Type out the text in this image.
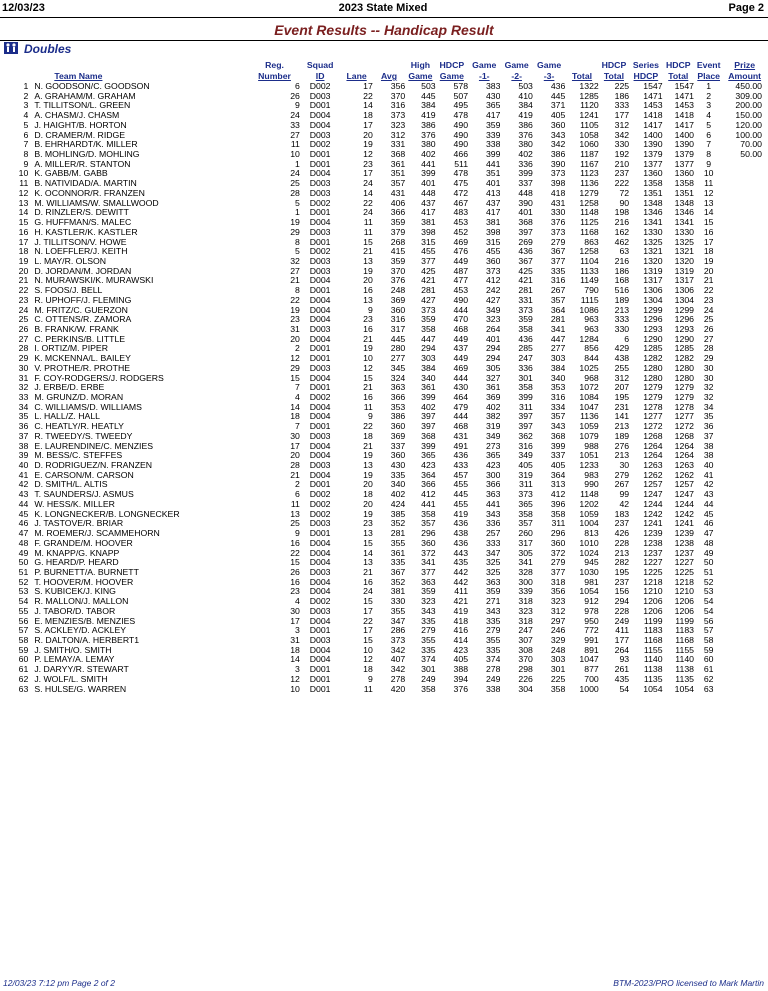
12/03/23	2023 State Mixed	Page 2
Event Results -- Handicap Result
Doubles
		Reg.	Squad			High	HDCP	Game	Game	Game		HDCP	Series	HDCP	Event	Prize
	Team Name	Number	ID	Lane	Avg	Game	Game	-1-	-2-	-3-	Total	Total	HDCP	Total	Place	Amount
1	N. GOODSON/C. GOODSON	6	D002	17	356	503	578	383	503	436	1322	225	1547	1547	1	450.00
2	A. GRAHAM/M. GRAHAM	26	D003	22	370	445	507	430	410	445	1285	186	1471	1471	2	309.00
3	T. TILLITSON/L. GREEN	9	D001	14	316	384	495	365	384	371	1120	333	1453	1453	3	200.00
4	A. CHASM/J. CHASM	24	D004	18	373	419	478	417	419	405	1241	177	1418	1418	4	150.00
5	J. HAIGHT/B. HORTON	33	D004	17	323	386	490	359	386	360	1105	312	1417	1417	5	120.00
6	D. CRAMER/M. RIDGE	27	D003	20	312	376	490	339	376	343	1058	342	1400	1400	6	100.00
7	B. EHRHARDT/K. MILLER	11	D002	19	331	380	490	338	380	342	1060	330	1390	1390	7	70.00
8	B. MOHLING/D. MOHLING	10	D001	12	368	402	466	399	402	386	1187	192	1379	1379	8	50.00
9	A. MILLER/R. STANTON	1	D001	23	361	441	511	441	336	390	1167	210	1377	1377	9	
10	K. GABB/M. GABB	24	D004	17	351	399	478	351	399	373	1123	237	1360	1360	10	
11	B. NATIVIDAD/A. MARTIN	25	D003	24	357	401	475	401	337	398	1136	222	1358	1358	11	
12	K. OCONNOR/R. FRANZEN	28	D003	14	431	448	472	413	448	418	1279	72	1351	1351	12	
13	M. WILLIAMS/W. SMALLWOOD	5	D002	22	406	437	467	437	390	431	1258	90	1348	1348	13	
14	D. RINZLER/S. DEWITT	1	D001	24	366	417	483	417	401	330	1148	198	1346	1346	14	
15	G. HUFFMAN/S. MALEC	19	D004	11	359	381	453	381	368	376	1125	216	1341	1341	15	
16	H. KASTLER/K. KASTLER	29	D003	11	379	398	452	398	397	373	1168	162	1330	1330	16	
17	J. TILLITSON/V. HOWE	8	D001	15	268	315	469	315	269	279	863	462	1325	1325	17	
18	N. LOEFFLER/J. KEITH	5	D002	21	415	455	476	455	436	367	1258	63	1321	1321	18	
19	L. MAY/R. OLSON	32	D003	13	359	377	449	360	367	377	1104	216	1320	1320	19	
20	D. JORDAN/M. JORDAN	27	D003	19	370	425	487	373	425	335	1133	186	1319	1319	20	
21	N. MURAWSKI/K. MURAWSKI	21	D004	20	376	421	477	412	421	316	1149	168	1317	1317	21	
22	S. FOOS/J. BELL	8	D001	16	248	281	453	242	281	267	790	516	1306	1306	22	
23	R. UPHOFF/J. FLEMING	22	D004	13	369	427	490	427	331	357	1115	189	1304	1304	23	
24	M. FRITZ/C. GUERZON	19	D004	9	360	373	444	349	373	364	1086	213	1299	1299	24	
25	C. OTTENS/R. ZAMORA	23	D004	23	316	359	470	323	359	281	963	333	1296	1296	25	
26	B. FRANK/W. FRANK	31	D003	16	317	358	468	264	358	341	963	330	1293	1293	26	
27	C. PERKINS/B. LITTLE	20	D004	21	445	447	449	401	436	447	1284	6	1290	1290	27	
28	I. ORTIZ/M. PIPER	2	D001	19	280	294	437	294	285	277	856	429	1285	1285	28	
29	K. MCKENNA/L. BAILEY	12	D001	10	277	303	449	294	247	303	844	438	1282	1282	29	
30	V. PROTHE/R. PROTHE	29	D003	12	345	384	469	305	336	384	1025	255	1280	1280	30	
31	F. COY-RODGERS/J. RODGERS	15	D004	15	324	340	444	327	301	340	968	312	1280	1280	30	
32	J. ERBE/D. ERBE	7	D001	21	363	361	430	361	358	353	1072	207	1279	1279	32	
33	M. GRUNZ/D. MORAN	4	D002	16	366	399	464	369	399	316	1084	195	1279	1279	32	
34	C. WILLIAMS/D. WILLIAMS	14	D004	11	353	402	479	402	311	334	1047	231	1278	1278	34	
35	L. HALL/Z. HALL	18	D004	9	386	397	444	382	397	357	1136	141	1277	1277	35	
36	C. HEATLY/R. HEATLY	7	D001	22	360	397	468	319	397	343	1059	213	1272	1272	36	
37	R. TWEEDY/S. TWEEDY	30	D003	18	369	368	431	349	362	368	1079	189	1268	1268	37	
38	E. LAURENDINE/C. MENZIES	17	D004	21	337	399	491	273	316	399	988	276	1264	1264	38	
39	M. BESS/C. STEFFES	20	D004	19	360	365	436	365	349	337	1051	213	1264	1264	38	
40	D. RODRIGUEZ/N. FRANZEN	28	D003	13	430	423	433	423	405	405	1233	30	1263	1263	40	
41	E. CARSON/M. CARSON	21	D004	19	335	364	457	300	319	364	983	279	1262	1262	41	
42	D. SMITH/L. ALTIS	2	D001	20	340	366	455	366	311	313	990	267	1257	1257	42	
43	T. SAUNDERS/J. ASMUS	6	D002	18	402	412	445	363	373	412	1148	99	1247	1247	43	
44	W. HESS/K. MILLER	11	D002	20	424	441	455	441	365	396	1202	42	1244	1244	44	
45	K. LONGNECKER/B. LONGNECKER	13	D002	19	385	358	419	343	358	358	1059	183	1242	1242	45	
46	J. TASTOVE/R. BRIAR	25	D003	23	352	357	436	336	357	311	1004	237	1241	1241	46	
47	M. ROEMER/J. SCAMMEHORN	9	D001	13	281	296	438	257	260	296	813	426	1239	1239	47	
48	F. GRANDE/M. HOOVER	16	D004	15	355	360	436	333	317	360	1010	228	1238	1238	48	
49	M. KNAPP/G. KNAPP	22	D004	14	361	372	443	347	305	372	1024	213	1237	1237	49	
50	G. HEARD/P. HEARD	15	D004	13	335	341	435	325	341	279	945	282	1227	1227	50	
51	P. BURNETT/A. BURNETT	26	D003	21	367	377	442	325	328	377	1030	195	1225	1225	51	
52	T. HOOVER/M. HOOVER	16	D004	16	352	363	442	363	300	318	981	237	1218	1218	52	
53	S. KUBICEK/J. KING	23	D004	24	381	359	411	359	339	356	1054	156	1210	1210	53	
54	R. MALLON/J. MALLON	4	D002	15	330	323	421	271	318	323	912	294	1206	1206	54	
55	J. TABOR/D. TABOR	30	D003	17	355	343	419	343	323	312	978	228	1206	1206	54	
56	E. MENZIES/B. MENZIES	17	D004	22	347	335	418	335	318	297	950	249	1199	1199	56	
57	S. ACKLEY/D. ACKLEY	3	D001	17	286	279	416	279	247	246	772	411	1183	1183	57	
58	R. DALTON/A. HERBERT1	31	D003	15	373	355	414	355	307	329	991	177	1168	1168	58	
59	J. SMITH/O. SMITH	18	D004	10	342	335	423	335	308	248	891	264	1155	1155	59	
60	P. LEMAY/A. LEMAY	14	D004	12	407	374	405	374	370	303	1047	93	1140	1140	60	
61	J. DARYY/R. STEWART	3	D001	18	342	301	388	278	298	301	877	261	1138	1138	61	
62	J. WOLF/L. SMITH	12	D001	9	278	249	394	249	226	225	700	435	1135	1135	62	
63	S. HULSE/G. WARREN	10	D001	11	420	358	376	338	304	358	1000	54	1054	1054	63	
12/03/23 7:12 pm Page 2 of 2	BTM-2023/PRO licensed to Mark Martin
